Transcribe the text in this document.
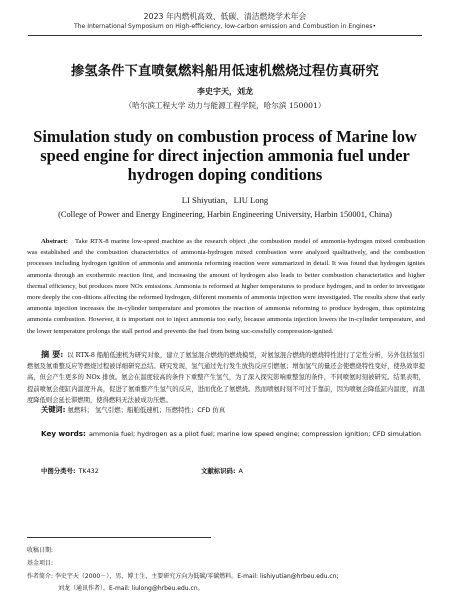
2023 年内燃机高效、低碳、清洁燃烧学术年会
The International Symposium on High-efficiency, low-carbon emission and Combustion in Engines•
掺氢条件下直喷氨燃料船用低速机燃烧过程仿真研究
李史宇天，刘龙
（哈尔滨工程大学 动力与能源工程学院，哈尔滨 150001）
Simulation study on combustion process of Marine low speed engine for direct injection ammonia fuel under hydrogen doping conditions
LI Shiyutian，LIU Long
(College of Power and Energy Engineering, Harbin Engineering University, Harbin 150001, China)
Abstract: Take RTX-8 marine low-speed machine as the research object ,the combustion model of ammonia-hydrogen mixed combustion was established and the combustion characteristics of ammonia-hydrogen mixed combustion were analyzed qualitatively, and the combustion processes including hydrogen ignition of ammonia and ammonia reforming reaction were summarized in detail. It was found that hydrogen ignites ammonia through an exothermic reaction first, and increasing the amount of hydrogen also leads to better combustion characteristics and higher thermal efficiency, but produces more NOx emissions. Ammonia is reformed at higher temperatures to produce hydrogen, and in order to investigate more deeply the con-ditions affecting the reformed hydrogen, different moments of ammonia injection were investigated. The results show that early ammonia injection increases the in-cylinder temperature and promotes the reaction of ammonia reforming to produce hydrogen, thus optimizing ammonia combustion. However, it is important not to inject ammonia too early, because ammonia injection lowers the in-cylinder temperature, and the lower temperature prolongs the stall period and prevents the fuel from being suc-cessfully compression-ignited.
摘 要: 以 RTX-8 船舶低速机为研究对象，建立了氨氢混合燃烧的燃烧模型，对氨氢混合燃烧的燃烧特性进行了定性分析，另外包括氢引燃氨及氨重整反应等燃烧过程被详细研究总结。研究发现，氢气通过先行发生放热反应引燃氨；增加氢气的量还会使燃烧特性变好，使热效率提高，但会产生更多的 NOx 排放。氨会在温度较高的条件下重整产生氢气，为了深入探究影响重整氢的条件，不同喷氨时刻被研究。结果表明，提前喷氨会使缸内温度升高，促进了氨重整产生氢气的反应，进而优化了氨燃烧。然而喷氨时刻不可过于靠前，因为喷氨会降低缸内温度，而温度降低则会延长滞燃期，使得燃料无法被成功压燃。
关键词: 氨燃料； 氢气引燃；船舶低速机；压燃特性；CFD 仿真
Key words: ammonia fuel; hydrogen as a pilot fuel; marine low speed engine; compression ignition; CFD simulation
中图分类号: TK432	文献标识码: A
收稿日期:
基金项目:
作者简介: 李史宇天（2000－），男，博士生，主要研究方向为低碳/零碳燃料。E-mail: lishiyutian@hrbeu.edu.cn;
刘龙（通讯作者），E-mail: liulong@hrbeu.edu.cn。
